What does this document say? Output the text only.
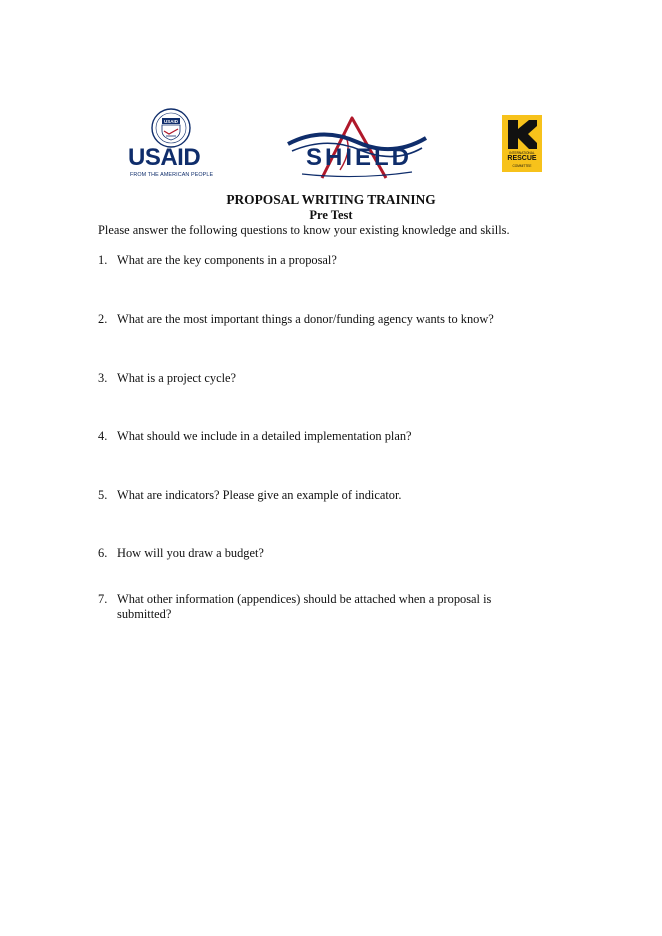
USAID
USAID
FROM THE AMERICAN PEOPLE
SHIELD	INTERNATIONAL
RESCUE
COMMITTEE
PROPOSAL WRITING TRAINING
Pre Test
Please answer the following questions to know your existing knowledge and skills.
1. What are the key components in a proposal?
2. What are the most important things a donor/funding agency wants to know?
3. What is a project cycle?
4. What should we include in a detailed implementation plan?
5. What are indicators? Please give an example of indicator.
6. How will you draw a budget?
7. What other information (appendices) should be attached when a proposal is submitted?
